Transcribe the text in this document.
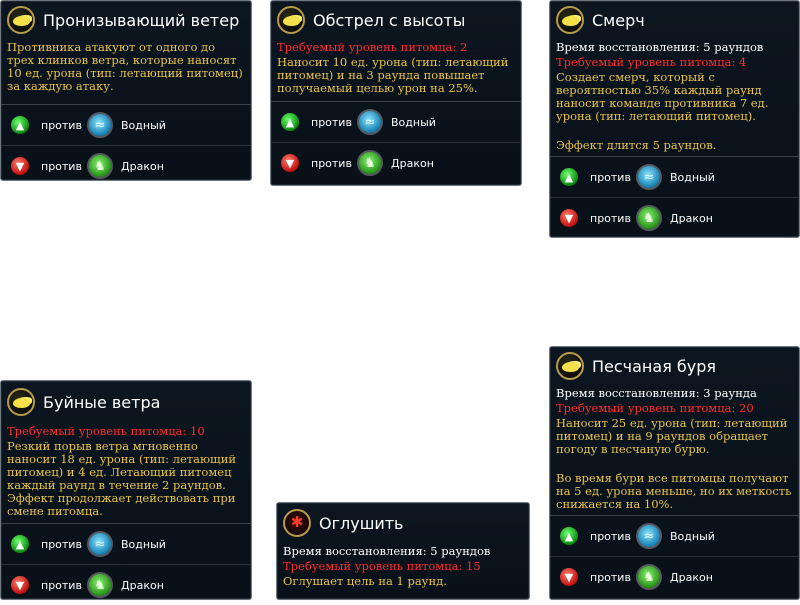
Пронизывающий ветер
Противника атакуют от одного до трех клинков ветра, которые наносят 10 ед. урона (тип: летающий питомец) за каждую атаку.
▲	против ≈	Водный
▼	против ♞	Дракон
Обстрел с высоты
Требуемый уровень питомца: 2
Наносит 10 ед. урона (тип: летающий питомец) и на 3 раунда повышает получаемый целью урон на 25%.
▲	против ≈	Водный
▼	против ♞	Дракон
Смерч
Время восстановления: 5 раундов
Требуемый уровень питомца: 4
Создает смерч, который с вероятностью 35% каждый раунд наносит команде противника 7 ед. урона (тип: летающий питомец).
Эффект длится 5 раундов.
▲	против ≈	Водный
▼	против ♞	Дракон
Буйные ветра
Требуемый уровень питомца: 10
Резкий порыв ветра мгновенно наносит 18 ед. урона (тип: летающий питомец) и 4 ед. Летающий питомец каждый раунд в течение 2 раундов. Эффект продолжает действовать при смене питомца.
▲	против ≈	Водный
▼	против ♞	Дракон
✱ Оглушить
Время восстановления: 5 раундов
Требуемый уровень питомца: 15
Оглушает цель на 1 раунд.
Песчаная буря
Время восстановления: 3 раунда
Требуемый уровень питомца: 20
Наносит 25 ед. урона (тип: летающий питомец) и на 9 раундов обращает погоду в песчаную бурю.
Во время бури все питомцы получают на 5 ед. урона меньше, но их меткость снижается на 10%.
▲	против ≈	Водный
▼	против ♞	Дракон
